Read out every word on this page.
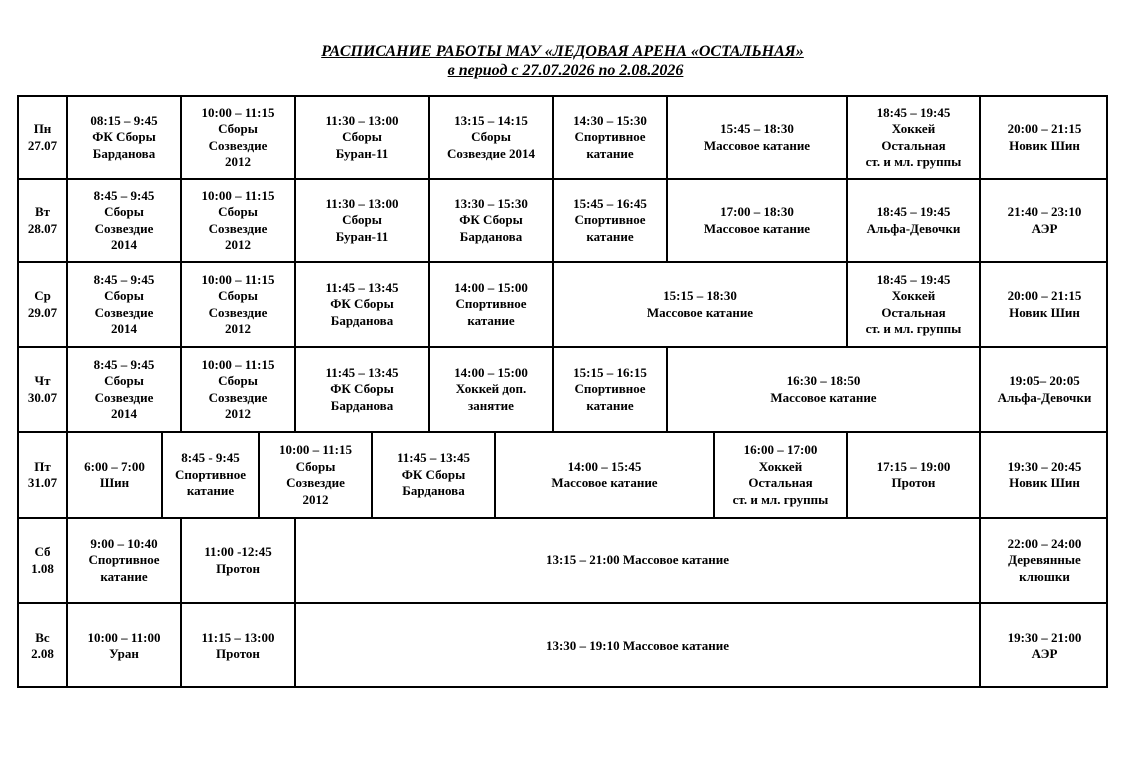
РАСПИСАНИЕ РАБОТЫ МАУ «ЛЕДОВАЯ АРЕНА «ОСТАЛЬНАЯ»
в период с 27.07.2026 по 2.08.2026
Пн
27.07
08:15 – 9:45
ФК Сборы
Барданова
10:00 – 11:15
Сборы
Созвездие
2012
11:30 – 13:00
Сборы
Буран-11
13:15 – 14:15
Сборы
Созвездие 2014
14:30 – 15:30
Спортивное
катание
15:45 – 18:30
Массовое катание
18:45 – 19:45
Хоккей
Остальная
ст. и мл. группы
20:00 – 21:15
Новик Шин
Вт
28.07
8:45 – 9:45
Сборы
Созвездие
2014
10:00 – 11:15
Сборы
Созвездие
2012
11:30 – 13:00
Сборы
Буран-11
13:30 – 15:30
ФК Сборы
Барданова
15:45 – 16:45
Спортивное
катание
17:00 – 18:30
Массовое катание
18:45 – 19:45
Альфа-Девочки
21:40 – 23:10
АЭР
Ср
29.07
8:45 – 9:45
Сборы
Созвездие
2014
10:00 – 11:15
Сборы
Созвездие
2012
11:45 – 13:45
ФК Сборы
Барданова
14:00 – 15:00
Спортивное
катание
15:15 – 18:30
Массовое катание
18:45 – 19:45
Хоккей
Остальная
ст. и мл. группы
20:00 – 21:15
Новик Шин
Чт
30.07
8:45 – 9:45
Сборы
Созвездие
2014
10:00 – 11:15
Сборы
Созвездие
2012
11:45 – 13:45
ФК Сборы
Барданова
14:00 – 15:00
Хоккей доп.
занятие
15:15 – 16:15
Спортивное
катание
16:30 – 18:50
Массовое катание
19:05– 20:05
Альфа-Девочки
Пт
31.07
6:00 – 7:00
Шин
8:45 - 9:45
Спортивное
катание
10:00 – 11:15
Сборы
Созвездие
2012
11:45 – 13:45
ФК Сборы
Барданова
14:00 – 15:45
Массовое катание
16:00 – 17:00
Хоккей
Остальная
ст. и мл. группы
17:15 – 19:00
Протон
19:30 – 20:45
Новик Шин
Сб
1.08
9:00 – 10:40
Спортивное
катание
11:00 -12:45
Протон
13:15 – 21:00 Массовое катание
22:00 – 24:00
Деревянные
клюшки
Вс
2.08
10:00 – 11:00
Уран
11:15 – 13:00
Протон
13:30 – 19:10 Массовое катание
19:30 – 21:00
АЭР
